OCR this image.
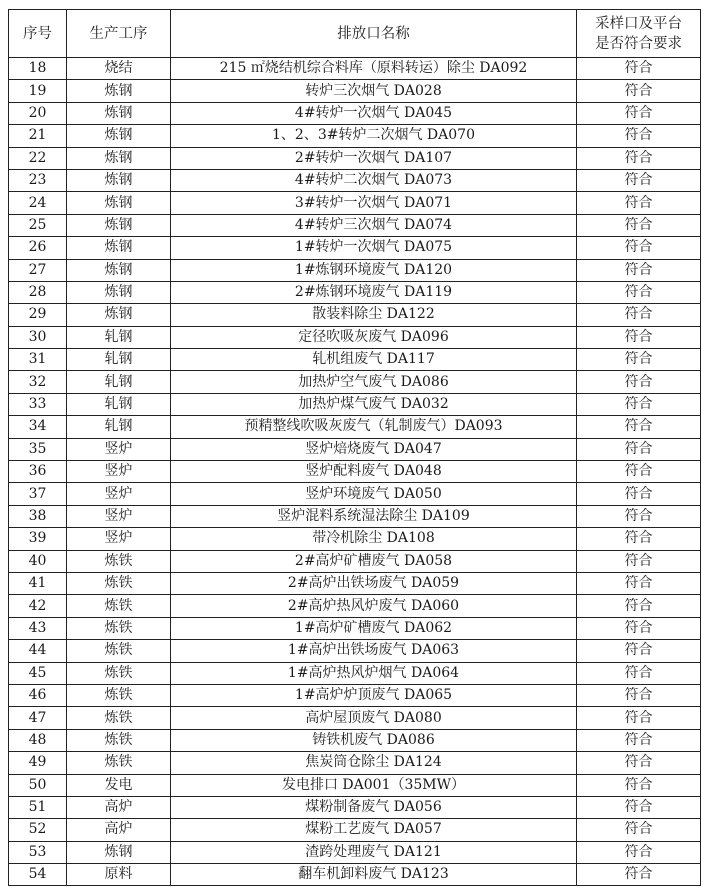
序号	生产工序	排放口名称	采样口及平台
是否符合要求
18	烧结	215 ㎡烧结机综合料库（原料转运）除尘 DA092	符合
19	炼钢	转炉三次烟气 DA028	符合
20	炼钢	4#转炉一次烟气 DA045	符合
21	炼钢	1、2、3#转炉二次烟气 DA070	符合
22	炼钢	2#转炉一次烟气 DA107	符合
23	炼钢	4#转炉二次烟气 DA073	符合
24	炼钢	3#转炉一次烟气 DA071	符合
25	炼钢	4#转炉三次烟气 DA074	符合
26	炼钢	1#转炉一次烟气 DA075	符合
27	炼钢	1#炼钢环境废气 DA120	符合
28	炼钢	2#炼钢环境废气 DA119	符合
29	炼钢	散装料除尘 DA122	符合
30	轧钢	定径吹吸灰废气 DA096	符合
31	轧钢	轧机组废气 DA117	符合
32	轧钢	加热炉空气废气 DA086	符合
33	轧钢	加热炉煤气废气 DA032	符合
34	轧钢	预精整线吹吸灰废气（轧制废气）DA093	符合
35	竖炉	竖炉焙烧废气 DA047	符合
36	竖炉	竖炉配料废气 DA048	符合
37	竖炉	竖炉环境废气 DA050	符合
38	竖炉	竖炉混料系统湿法除尘 DA109	符合
39	竖炉	带冷机除尘 DA108	符合
40	炼铁	2#高炉矿槽废气 DA058	符合
41	炼铁	2#高炉出铁场废气 DA059	符合
42	炼铁	2#高炉热风炉废气 DA060	符合
43	炼铁	1#高炉矿槽废气 DA062	符合
44	炼铁	1#高炉出铁场废气 DA063	符合
45	炼铁	1#高炉热风炉烟气 DA064	符合
46	炼铁	1#高炉炉顶废气 DA065	符合
47	炼铁	高炉屋顶废气 DA080	符合
48	炼铁	铸铁机废气 DA086	符合
49	炼铁	焦炭筒仓除尘 DA124	符合
50	发电	发电排口 DA001（35MW）	符合
51	高炉	煤粉制备废气 DA056	符合
52	高炉	煤粉工艺废气 DA057	符合
53	炼钢	渣跨处理废气 DA121	符合
54	原料	翻车机卸料废气 DA123	符合
